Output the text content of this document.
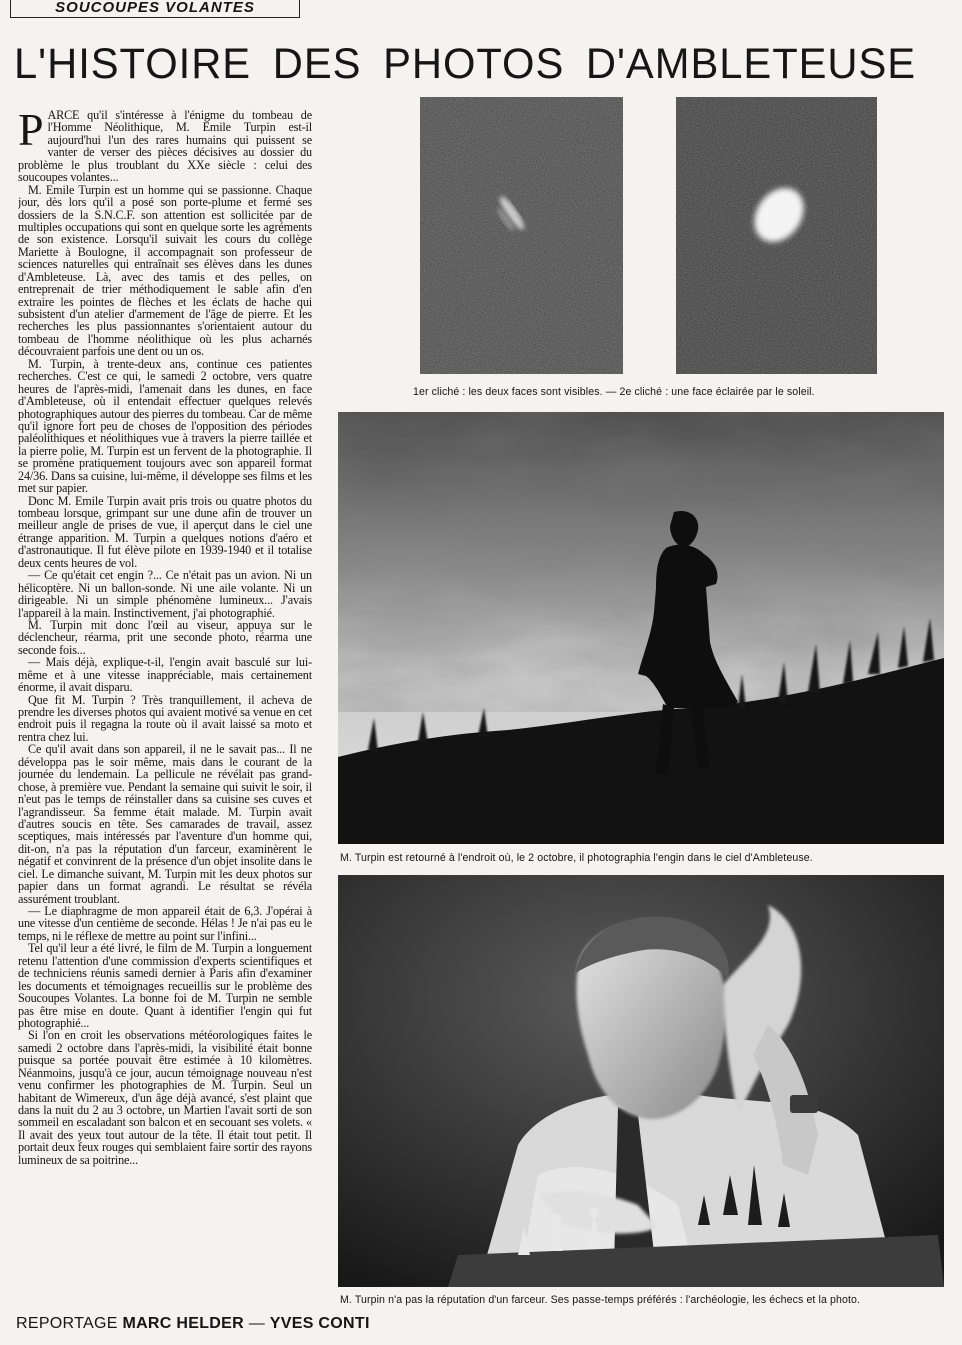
SOUCOUPES VOLANTES
L'HISTOIRE DES PHOTOS D'AMBLETEUSE

PARCE qu'il s'intéresse à l'énigme du tombeau de l'Homme Néolithique, M. Emile Turpin est-il aujourd'hui l'un des rares humains qui puissent se vanter de verser des pièces décisives au dossier du problème le plus troublant du XXe siècle : celui des soucoupes volantes...

M. Emile Turpin est un homme qui se passionne. Chaque jour, dès lors qu'il a posé son porte-plume et fermé ses dossiers de la S.N.C.F. son attention est sollicitée par de multiples occupations qui sont en quelque sorte les agréments de son existence. Lorsqu'il suivait les cours du collège Mariette à Boulogne, il accompagnait son professeur de sciences naturelles qui entraînait ses élèves dans les dunes d'Ambleteuse. Là, avec des tamis et des pelles, on entreprenait de trier méthodiquement le sable afin d'en extraire les pointes de flèches et les éclats de hache qui subsistent d'un atelier d'armement de l'âge de pierre. Et les recherches les plus passionnantes s'orientaient autour du tombeau de l'homme néolithique où les plus acharnés découvraient parfois une dent ou un os.

M. Turpin, à trente-deux ans, continue ces patientes recherches. C'est ce qui, le samedi 2 octobre, vers quatre heures de l'après-midi, l'amenait dans les dunes, en face d'Ambleteuse, où il entendait effectuer quelques relevés photographiques autour des pierres du tombeau. Car de même qu'il ignore fort peu de choses de l'opposition des périodes paléolithiques et néolithiques vue à travers la pierre taillée et la pierre polie, M. Turpin est un fervent de la photographie. Il se promène pratiquement toujours avec son appareil format 24/36. Dans sa cuisine, lui-même, il développe ses films et les met sur papier.

Donc M. Emile Turpin avait pris trois ou quatre photos du tombeau lorsque, grimpant sur une dune afin de trouver un meilleur angle de prises de vue, il aperçut dans le ciel une étrange apparition. M. Turpin a quelques notions d'aéro et d'astronautique. Il fut élève pilote en 1939-1940 et il totalise deux cents heures de vol.

— Ce qu'était cet engin ?... Ce n'était pas un avion. Ni un hélicoptère. Ni un ballon-sonde. Ni une aile volante. Ni un dirigeable. Ni un simple phénomène lumineux... J'avais l'appareil à la main. Instinctivement, j'ai photographié.

M. Turpin mit donc l'œil au viseur, appuya sur le déclencheur, réarma, prit une seconde photo, réarma une seconde fois...

— Mais déjà, explique-t-il, l'engin avait basculé sur lui-même et à une vitesse inappréciable, mais certainement énorme, il avait disparu.

Que fit M. Turpin ? Très tranquillement, il acheva de prendre les diverses photos qui avaient motivé sa venue en cet endroit puis il regagna la route où il avait laissé sa moto et rentra chez lui.

Ce qu'il avait dans son appareil, il ne le savait pas... Il ne développa pas le soir même, mais dans le courant de la journée du lendemain. La pellicule ne révélait pas grand-chose, à première vue. Pendant la semaine qui suivit le soir, il n'eut pas le temps de réinstaller dans sa cuisine ses cuves et l'agrandisseur. Sa femme était malade. M. Turpin avait d'autres soucis en tête. Ses camarades de travail, assez sceptiques, mais intéressés par l'aventure d'un homme qui, dit-on, n'a pas la réputation d'un farceur, examinèrent le négatif et convinrent de la présence d'un objet insolite dans le ciel. Le dimanche suivant, M. Turpin mit les deux photos sur papier dans un format agrandi. Le résultat se révéla assurément troublant.

— Le diaphragme de mon appareil était de 6,3. J'opérai à une vitesse d'un centième de seconde. Hélas ! Je n'ai pas eu le temps, ni le réflexe de mettre au point sur l'infini...

Tel qu'il leur a été livré, le film de M. Turpin a longuement retenu l'attention d'une commission d'experts scientifiques et de techniciens réunis samedi dernier à Paris afin d'examiner les documents et témoignages recueillis sur le problème des Soucoupes Volantes. La bonne foi de M. Turpin ne semble pas être mise en doute. Quant à identifier l'engin qui fut photographié...

Si l'on en croit les observations météorologiques faites le samedi 2 octobre dans l'après-midi, la visibilité était bonne puisque sa portée pouvait être estimée à 10 kilomètres. Néanmoins, jusqu'à ce jour, aucun témoignage nouveau n'est venu confirmer les photographies de M. Turpin. Seul un habitant de Wimereux, d'un âge déjà avancé, s'est plaint que dans la nuit du 2 au 3 octobre, un Martien l'avait sorti de son sommeil en escaladant son balcon et en secouant ses volets. « Il avait des yeux tout autour de la tête. Il était tout petit. Il portait deux feux rouges qui semblaient faire sortir des rayons lumineux de sa poitrine...

REPORTAGE MARC HELDER — YVES CONTI
1er cliché : les deux faces sont visibles. — 2e cliché : une face éclairée par le soleil.
M. Turpin est retourné à l'endroit où, le 2 octobre, il photographia l'engin dans le ciel d'Ambleteuse.
M. Turpin n'a pas la réputation d'un farceur. Ses passe-temps préférés : l'archéologie, les échecs et la photo.
